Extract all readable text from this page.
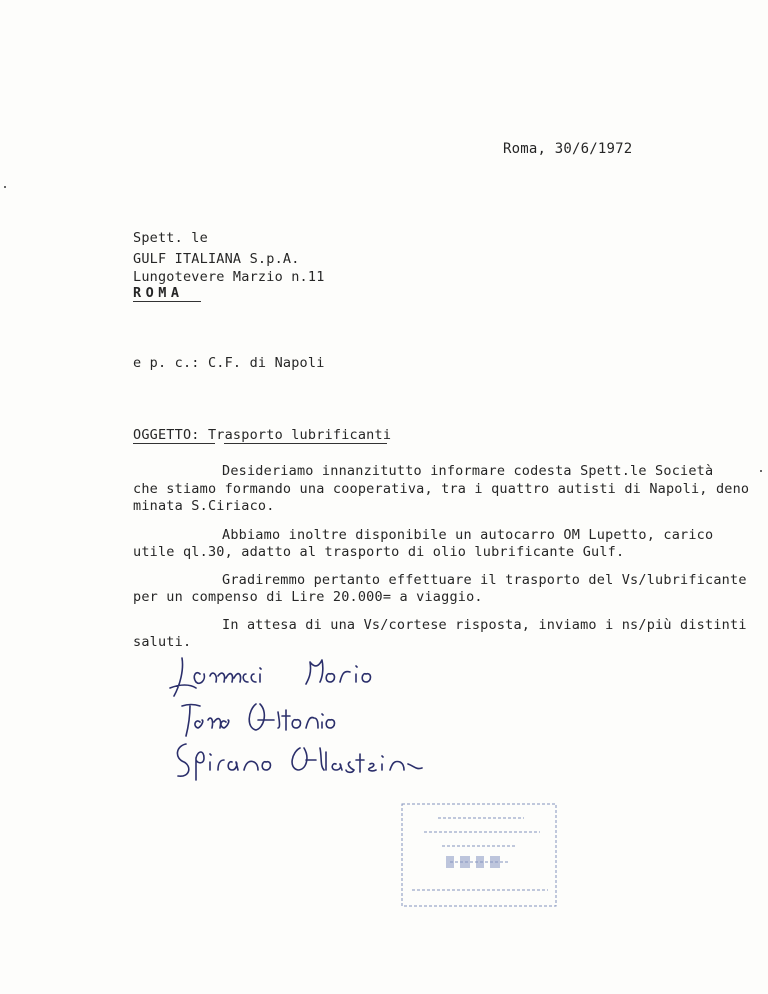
Roma, 30/6/1972
Spett. le
GULF ITALIANA S.p.A.
Lungotevere Marzio n.11
ROMA
e p. c.: C.F. di Napoli
OGGETTO: Trasporto lubrificanti
Desideriamo innanzitutto informare codesta Spett.le Società
che stiamo formando una cooperativa, tra i quattro autisti di Napoli, deno
minata S.Ciriaco.
Abbiamo inoltre disponibile un autocarro OM Lupetto, carico
utile ql.30, adatto al trasporto di olio lubrificante Gulf.
Gradiremmo pertanto effettuare il trasporto del Vs/lubrificante
per un compenso di Lire 20.000= a viaggio.
In attesa di una Vs/cortese risposta, inviamo i ns/più distinti
saluti.
